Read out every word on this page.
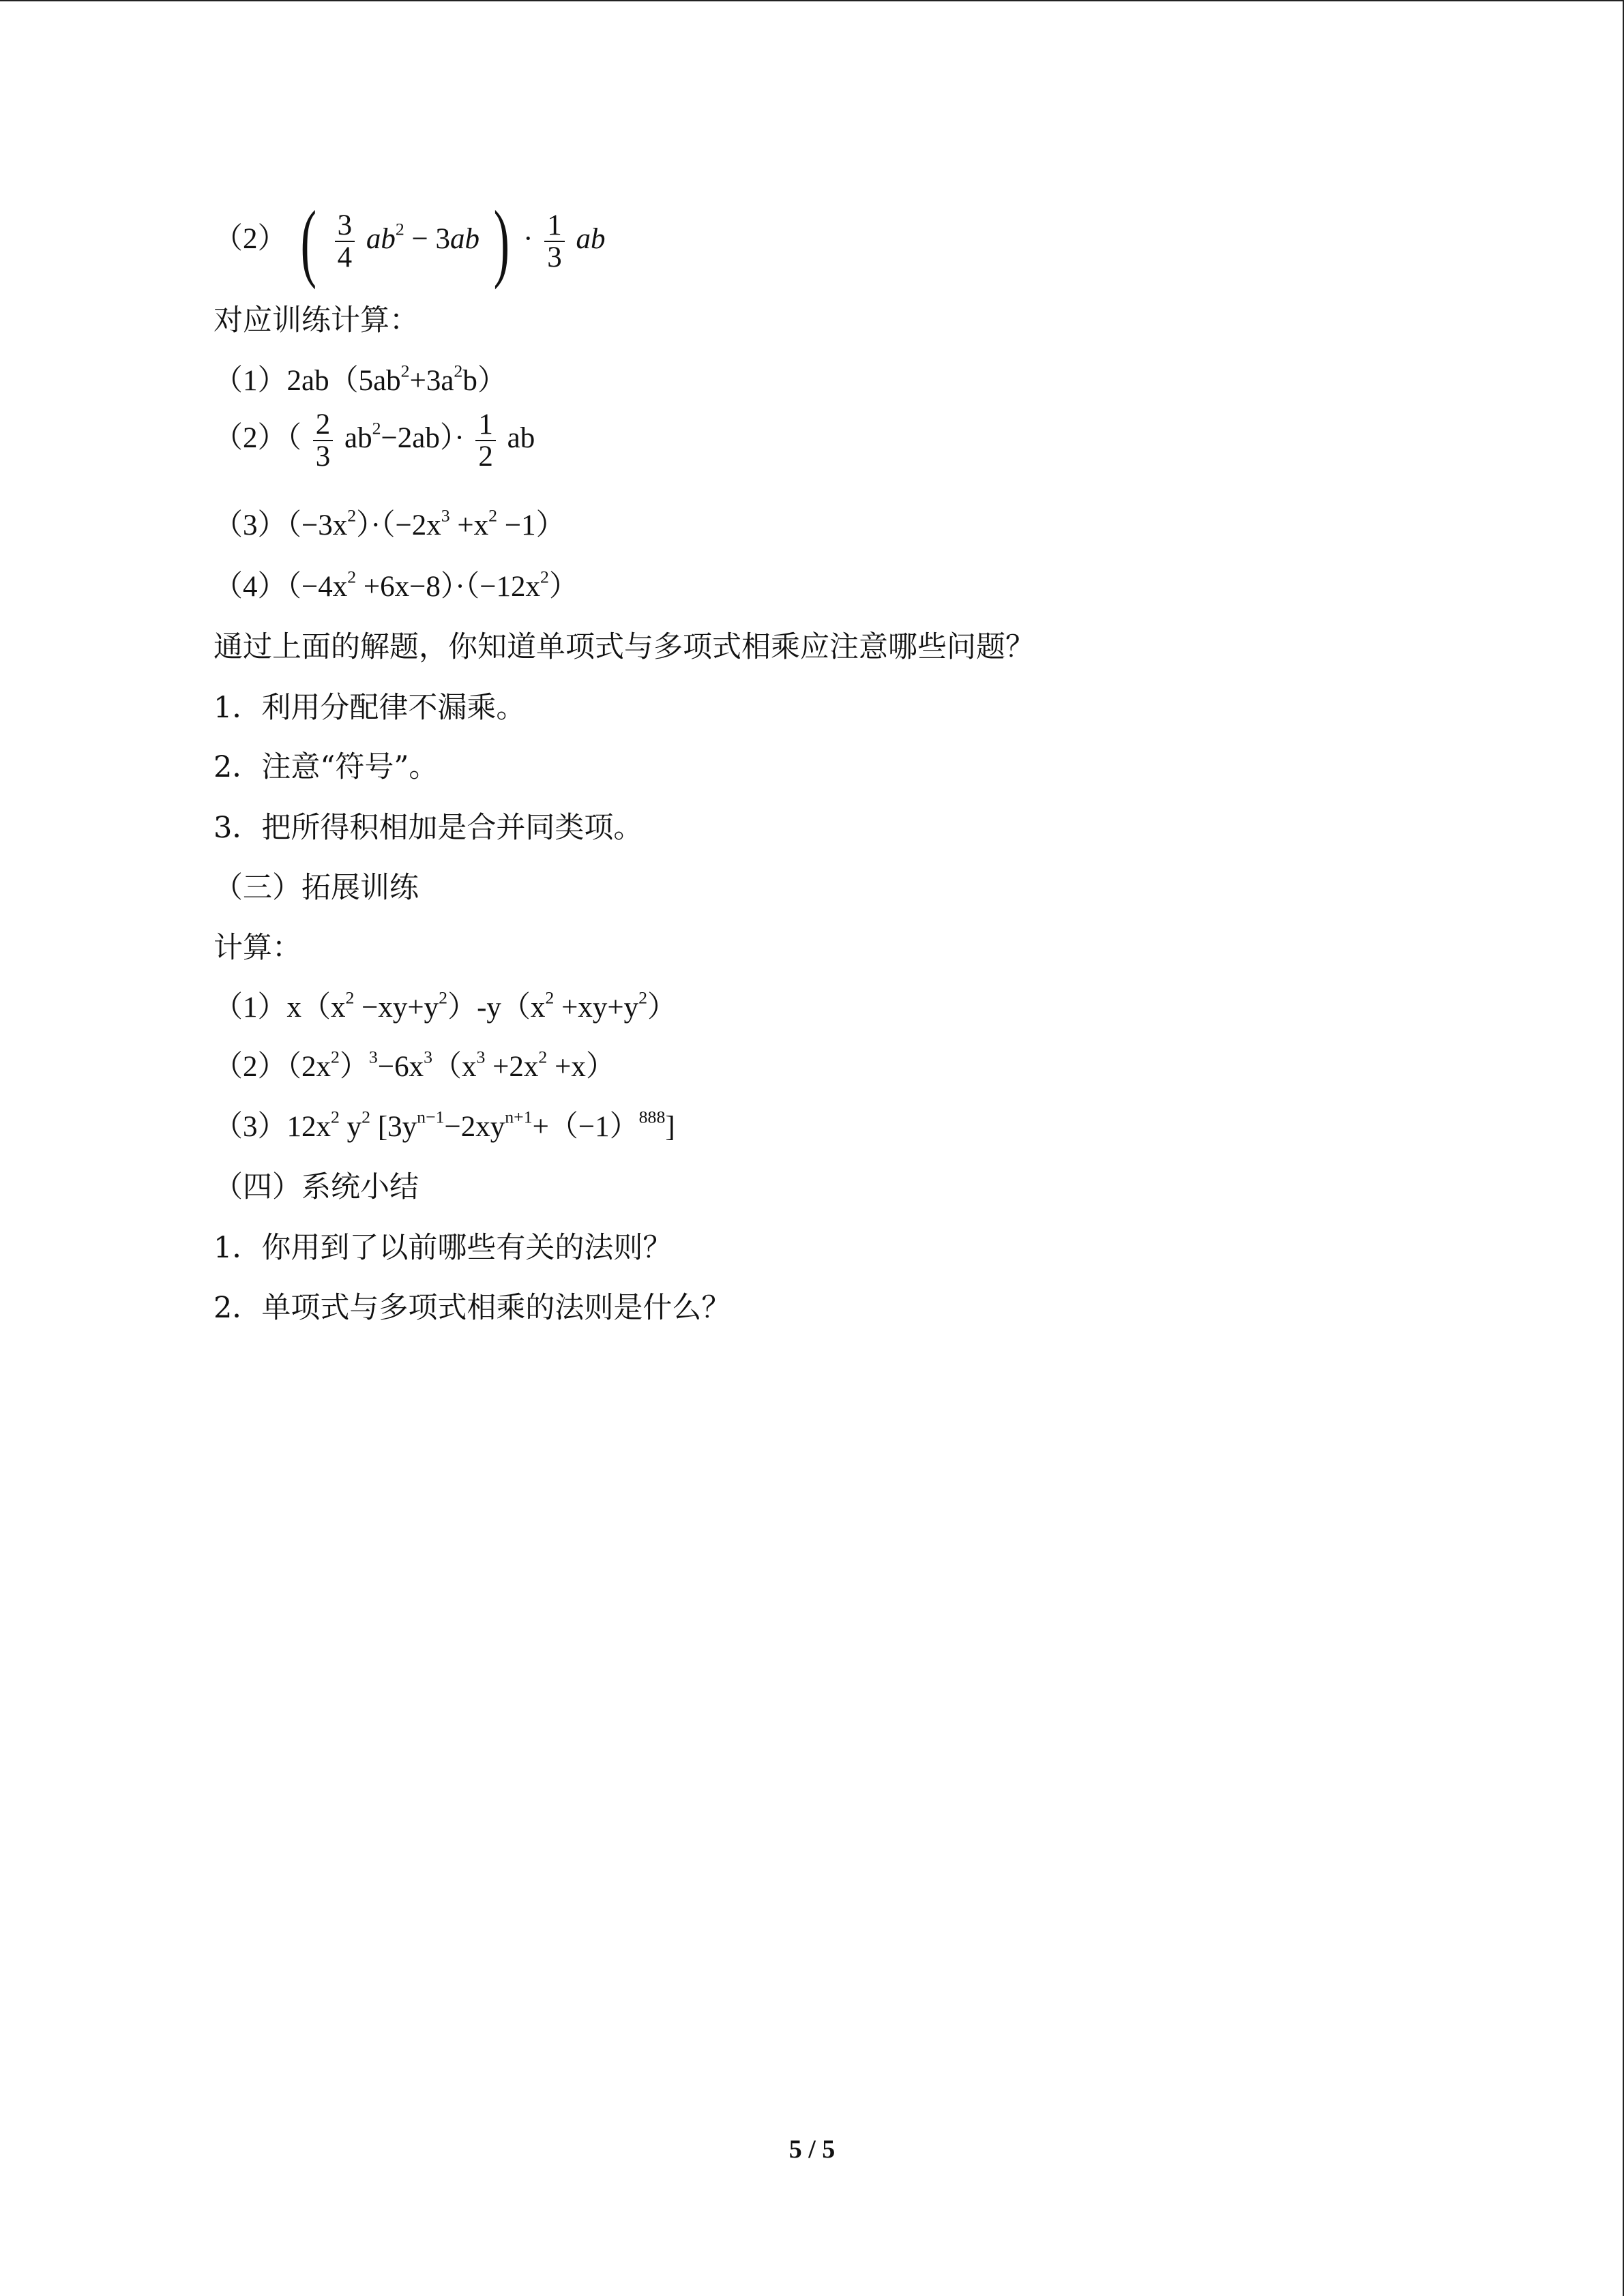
（2） ( $\frac{3}{4} ab^2 - 3ab$ ) · $\frac{1}{3}$ ab
对应训练计算：
$(1)2ab(5ab^2+3a^2b)$
$(2)( \frac{2}{3} ab^2-2ab)\cdot \frac{1}{2}$ ab
$(3)(-3x^2)\cdot(-2x^3 +x^2 -1)$
$(4)(-4x^2 +6x-8)\cdot(-12x^2)$
通过上面的解题，你知道单项式与多项式相乘应注意哪些问题？
1．利用分配律不漏乘。
2．注意“符号”。
3．把所得积相加是合并同类项。
（三）拓展训练
计算：
$(1)x(x^2 -xy+y^2)-y(x^2 +xy+y^2)$
$(2)(2x^2)^3-6x^3(x^3 +2x^2 +x)$
$(3)12x^2$ $y^2$ $[3y^{n-1}-2xy^{n+1}+(-1)^{888}]$
（四）系统小结
1．你用到了以前哪些有关的法则？
2．单项式与多项式相乘的法则是什么？
5 / 5
